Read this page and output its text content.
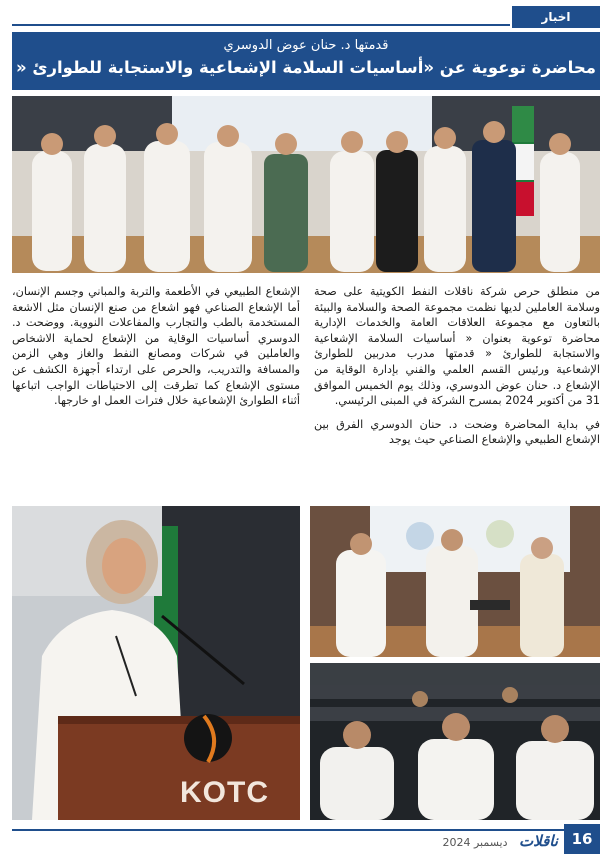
اخبار
قدمتها د. حنان عوض الدوسري
محاضرة توعوية عن «أساسيات السلامة الإشعاعية والاستجابة للطوارئ «

من منطلق حرص شركة ناقلات النفط الكويتية على صحة وسلامة العاملين لديها نظمت مجموعة الصحة والسلامة والبيئة بالتعاون مع مجموعة العلاقات العامة والخدمات الإدارية محاضرة توعوية بعنوان « أساسيات السلامة الإشعاعية والاستجابة للطوارئ « قدمتها مدرب مدربين للطوارئ الإشعاعية ورئيس القسم العلمي والفني بإدارة الوقاية من الإشعاع د. حنان عوض الدوسري، وذلك يوم الخميس الموافق 31 من أكتوبر 2024 بمسرح الشركة في المبنى الرئيسي.

في بداية المحاضرة وضحت د. حنان الدوسري الفرق بين الإشعاع الطبيعي والإشعاع الصناعي حيث يوجد

الإشعاع الطبيعي في الأطعمة والتربة والمباني وجسم الإنسان، أما الإشعاع الصناعي فهو اشعاع من صنع الإنسان مثل الاشعة المستخدمة بالطب والتجارب والمفاعلات النووية. ووضحت د. الدوسري أساسيات الوقاية من الإشعاع لحماية الاشخاص والعاملين في شركات ومصانع النفط والغاز وهي الزمن والمسافة والتدريب، والحرص على ارتداء أجهزة الكشف عن مستوى الإشعاع كما تطرقت إلى الاحتياطات الواجب اتباعها أثناء الطوارئ الإشعاعية خلال فترات العمل او خارجها.

KOTC
16
ناقلات ديسمبر 2024
